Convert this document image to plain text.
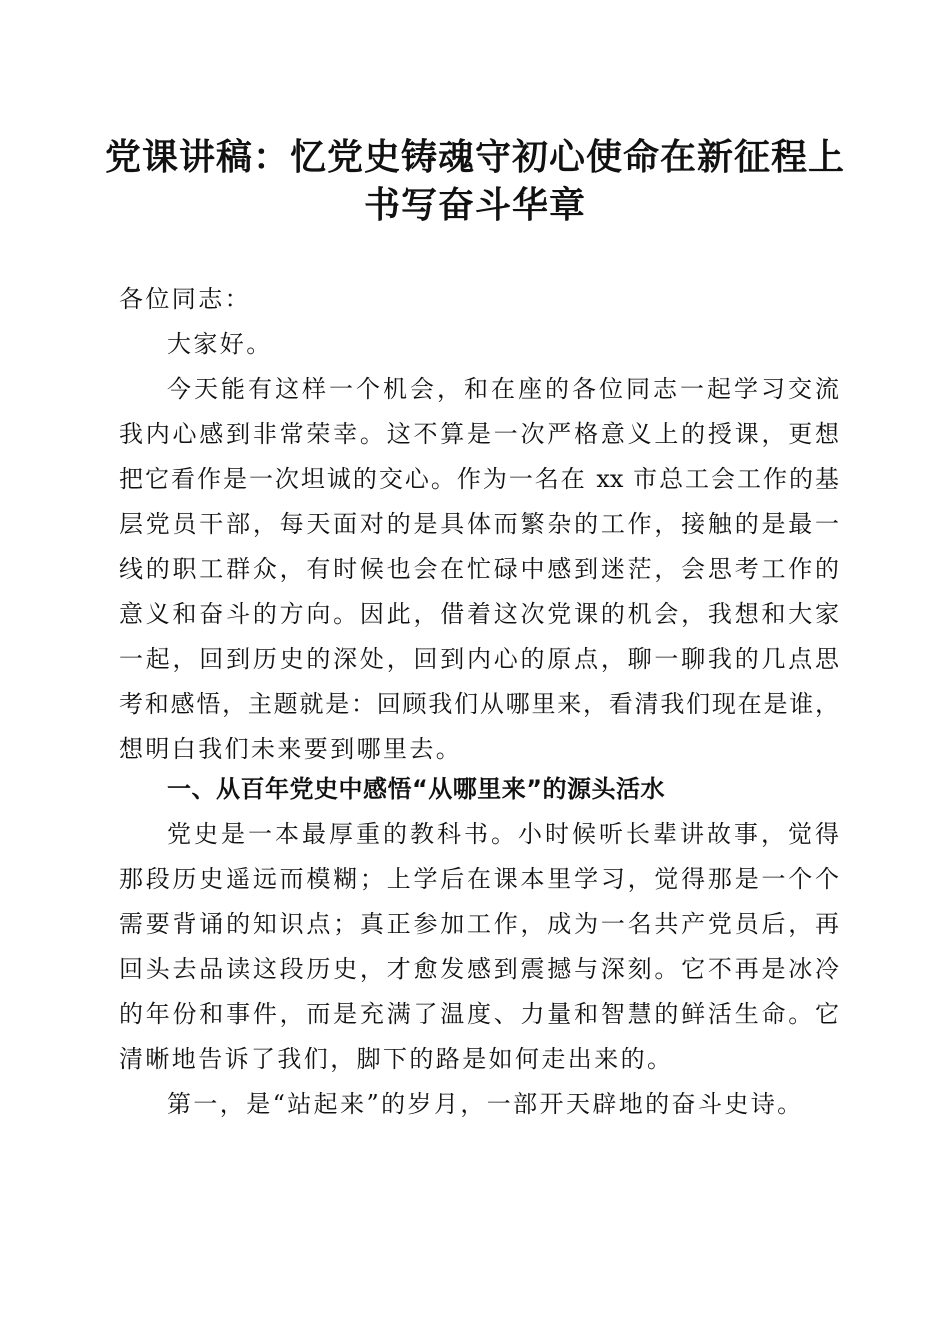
党课讲稿：忆党史铸魂守初心使命在新征程上
书写奋斗华章

各位同志：

大家好。

今天能有这样一个机会，和在座的各位同志一起学习交流

我内心感到非常荣幸。这不算是一次严格意义上的授课，更想

把它看作是一次坦诚的交心。作为一名在 xx 市总工会工作的基

层党员干部，每天面对的是具体而繁杂的工作，接触的是最一

线的职工群众，有时候也会在忙碌中感到迷茫，会思考工作的

意义和奋斗的方向。因此，借着这次党课的机会，我想和大家

一起，回到历史的深处，回到内心的原点，聊一聊我的几点思

考和感悟，主题就是：回顾我们从哪里来，看清我们现在是谁，

想明白我们未来要到哪里去。

一、从百年党史中感悟“从哪里来”的源头活水

党史是一本最厚重的教科书。小时候听长辈讲故事，觉得

那段历史遥远而模糊；上学后在课本里学习，觉得那是一个个

需要背诵的知识点；真正参加工作，成为一名共产党员后，再

回头去品读这段历史，才愈发感到震撼与深刻。它不再是冰冷

的年份和事件，而是充满了温度、力量和智慧的鲜活生命。它

清晰地告诉了我们，脚下的路是如何走出来的。

第一，是“站起来”的岁月，一部开天辟地的奋斗史诗。
